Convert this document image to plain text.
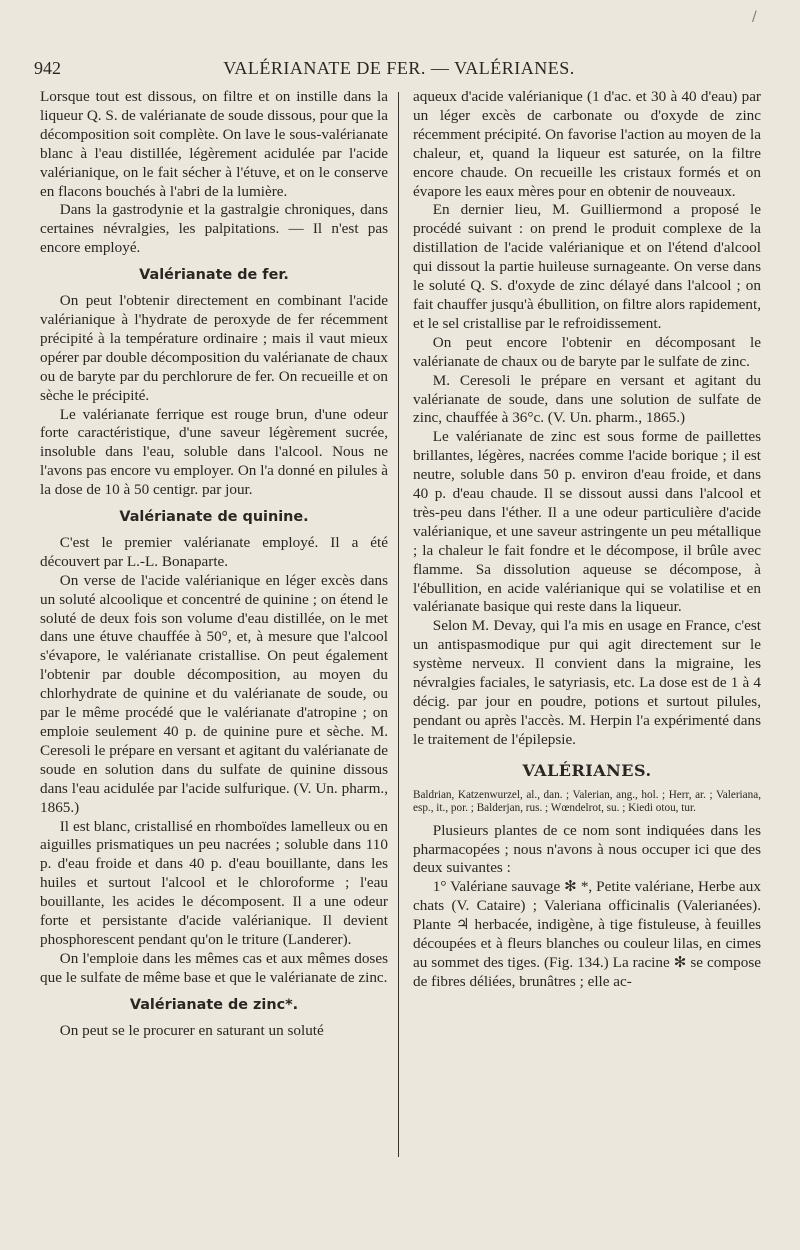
/
942	VALÉRIANATE DE FER. — VALÉRIANES.

Lorsque tout est dissous, on filtre et on instille dans la liqueur Q. S. de valérianate de soude dissous, pour que la décomposition soit complète. On lave le sous-valérianate blanc à l'eau distillée, légèrement acidulée par l'acide valérianique, on le fait sécher à l'étuve, et on le conserve en flacons bouchés à l'abri de la lumière.

Dans la gastrodynie et la gastralgie chroniques, dans certaines névralgies, les palpitations. — Il n'est pas encore employé.

Valérianate de fer.

On peut l'obtenir directement en combinant l'acide valérianique à l'hydrate de peroxyde de fer récemment précipité à la température ordinaire ; mais il vaut mieux opérer par double décomposition du valérianate de chaux ou de baryte par du perchlorure de fer. On recueille et on sèche le précipité.

Le valérianate ferrique est rouge brun, d'une odeur forte caractéristique, d'une saveur légèrement sucrée, insoluble dans l'eau, soluble dans l'alcool. Nous ne l'avons pas encore vu employer. On l'a donné en pilules à la dose de 10 à 50 centigr. par jour.

Valérianate de quinine.

C'est le premier valérianate employé. Il a été découvert par L.-L. Bonaparte.

On verse de l'acide valérianique en léger excès dans un soluté alcoolique et concentré de quinine ; on étend le soluté de deux fois son volume d'eau distillée, on le met dans une étuve chauffée à 50°, et, à mesure que l'alcool s'évapore, le valérianate cristallise. On peut également l'obtenir par double décomposition, au moyen du chlorhydrate de quinine et du valérianate de soude, ou par le même procédé que le valérianate d'atropine ; on emploie seulement 40 p. de quinine pure et sèche. M. Ceresoli le prépare en versant et agitant du valérianate de soude en solution dans du sulfate de quinine dissous dans l'eau acidulée par l'acide sulfurique. (V. Un. pharm., 1865.)

Il est blanc, cristallisé en rhomboïdes lamelleux ou en aiguilles prismatiques un peu nacrées ; soluble dans 110 p. d'eau froide et dans 40 p. d'eau bouillante, dans les huiles et surtout l'alcool et le chloroforme ; l'eau bouillante, les acides le décomposent. Il a une odeur forte et persistante d'acide valérianique. Il devient phosphorescent pendant qu'on le triture (Landerer).

On l'emploie dans les mêmes cas et aux mêmes doses que le sulfate de même base et que le valérianate de zinc.

Valérianate de zinc*.

On peut se le procurer en saturant un soluté

aqueux d'acide valérianique (1 d'ac. et 30 à 40 d'eau) par un léger excès de carbonate ou d'oxyde de zinc récemment précipité. On favorise l'action au moyen de la chaleur, et, quand la liqueur est saturée, on la filtre encore chaude. On recueille les cristaux formés et on évapore les eaux mères pour en obtenir de nouveaux.

En dernier lieu, M. Guilliermond a proposé le procédé suivant : on prend le produit complexe de la distillation de l'acide valérianique et on l'étend d'alcool qui dissout la partie huileuse surnageante. On verse dans le soluté Q. S. d'oxyde de zinc délayé dans l'alcool ; on fait chauffer jusqu'à ébullition, on filtre alors rapidement, et le sel cristallise par le refroidissement.

On peut encore l'obtenir en décomposant le valérianate de chaux ou de baryte par le sulfate de zinc.

M. Ceresoli le prépare en versant et agitant du valérianate de soude, dans une solution de sulfate de zinc, chauffée à 36°c. (V. Un. pharm., 1865.)

Le valérianate de zinc est sous forme de paillettes brillantes, légères, nacrées comme l'acide borique ; il est neutre, soluble dans 50 p. environ d'eau froide, et dans 40 p. d'eau chaude. Il se dissout aussi dans l'alcool et très-peu dans l'éther. Il a une odeur particulière d'acide valérianique, et une saveur astringente un peu métallique ; la chaleur le fait fondre et le décompose, il brûle avec flamme. Sa dissolution aqueuse se décompose, à l'ébullition, en acide valérianique qui se volatilise et en valérianate basique qui reste dans la liqueur.

Selon M. Devay, qui l'a mis en usage en France, c'est un antispasmodique pur qui agit directement sur le système nerveux. Il convient dans la migraine, les névralgies faciales, le satyriasis, etc. La dose est de 1 à 4 décig. par jour en poudre, potions et surtout pilules, pendant ou après l'accès. M. Herpin l'a expérimenté dans le traitement de l'épilepsie.

VALÉRIANES.

Baldrian, Katzenwurzel, al., dan. ; Valerian, ang., hol. ; Herr, ar. ; Valeriana, esp., it., por. ; Balderjan, rus. ; Wœndelrot, su. ; Kiedi otou, tur.

Plusieurs plantes de ce nom sont indiquées dans les pharmacopées ; nous n'avons à nous occuper ici que des deux suivantes :

1° Valériane sauvage ✻ *, Petite valériane, Herbe aux chats (V. Cataire) ; Valeriana officinalis (Valerianées). Plante ♃ herbacée, indigène, à tige fistuleuse, à feuilles découpées et à fleurs blanches ou couleur lilas, en cimes au sommet des tiges. (Fig. 134.) La racine ✻ se compose de fibres déliées, brunâtres ; elle ac-
